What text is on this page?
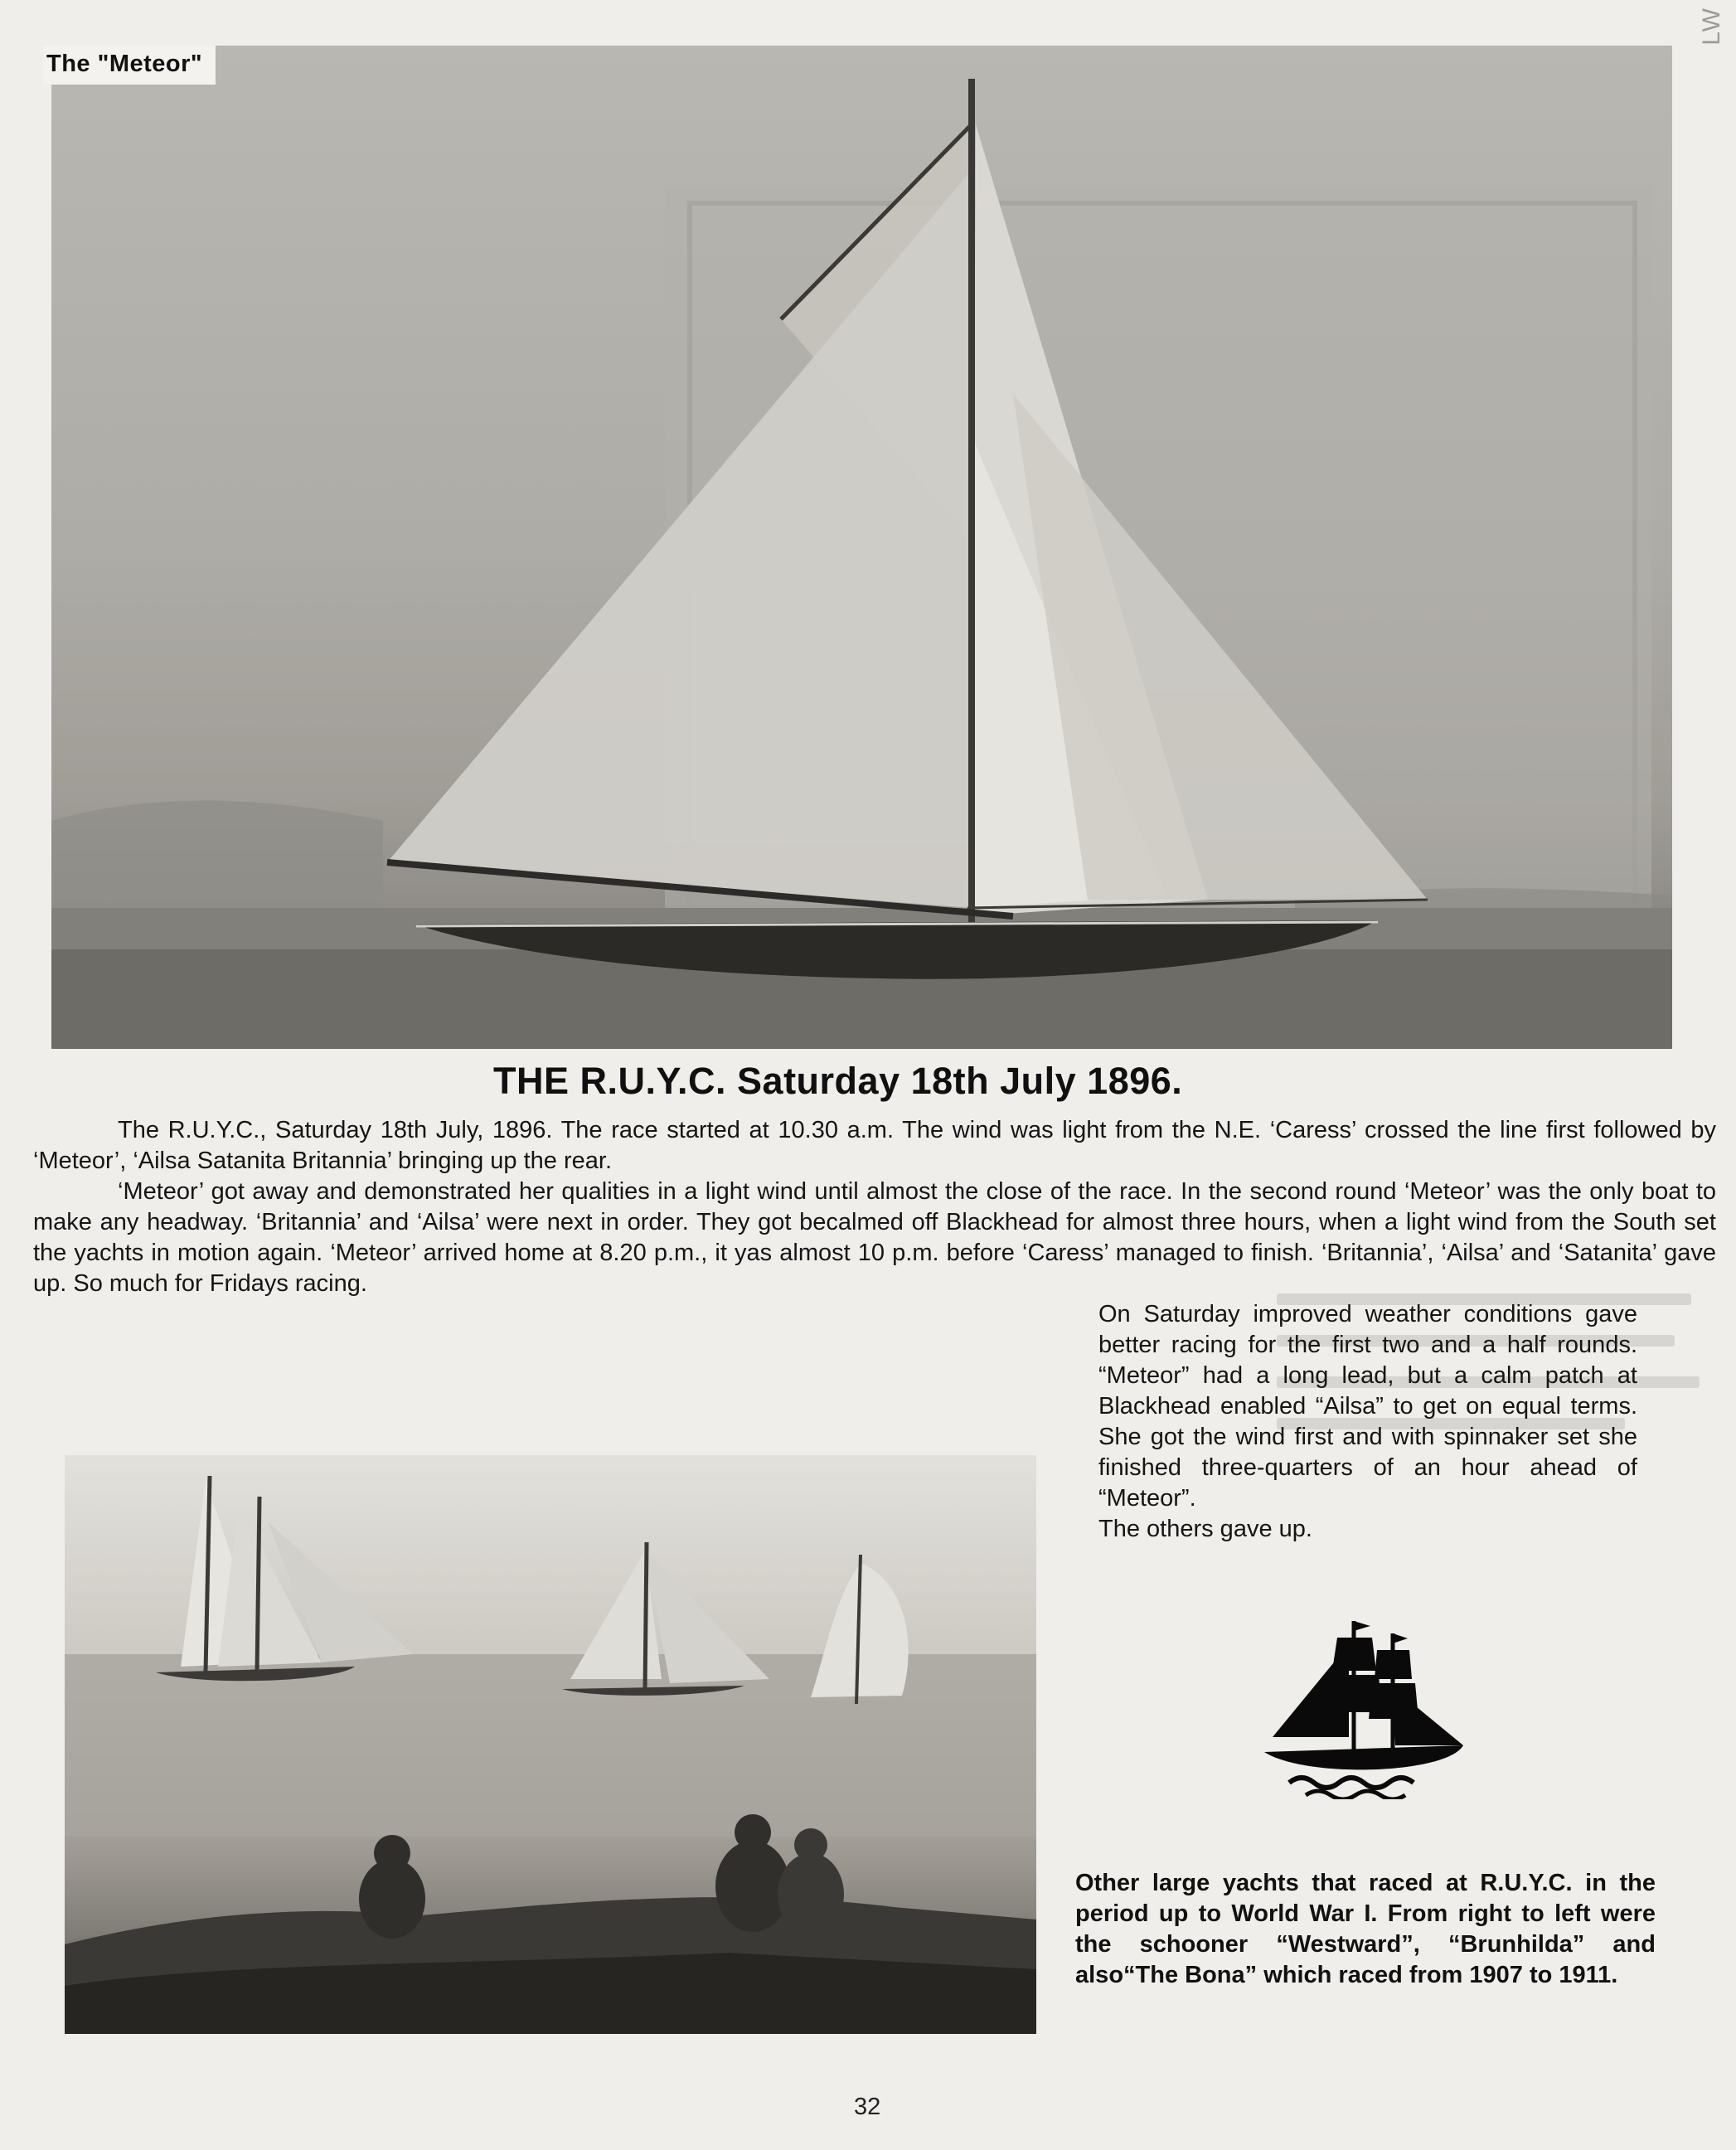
LW
The "Meteor"
THE R.U.Y.C. Saturday 18th July 1896.

The R.U.Y.C., Saturday 18th July, 1896. The race started at 10.30 a.m. The wind was light from the N.E. ‘Caress’ crossed the line first followed by ‘Meteor’, ‘Ailsa Satanita Britannia’ bringing up the rear.

‘Meteor’ got away and demonstrated her qualities in a light wind until almost the close of the race. In the second round ‘Meteor’ was the only boat to make any headway. ‘Britannia’ and ‘Ailsa’ were next in order. They got becalmed off Blackhead for almost three hours, when a light wind from the South set the yachts in motion again. ‘Meteor’ arrived home at 8.20 p.m., it yas almost 10 p.m. before ‘Caress’ managed to finish. ‘Britannia’, ‘Ailsa’ and ‘Satanita’ gave up. So much for Fridays racing.

On Saturday improved weather conditions gave better racing for the first two and a half rounds. “Meteor” had a long lead, but a calm patch at Blackhead enabled “Ailsa” to get on equal terms. She got the wind first and with spinnaker set she finished three-quarters of an hour ahead of “Meteor”.

The others gave up.

Other large yachts that raced at R.U.Y.C. in the period up to World War I. From right to left were the schooner “Westward”, “Brunhilda” and also“The Bona” which raced from 1907 to 1911.

32
